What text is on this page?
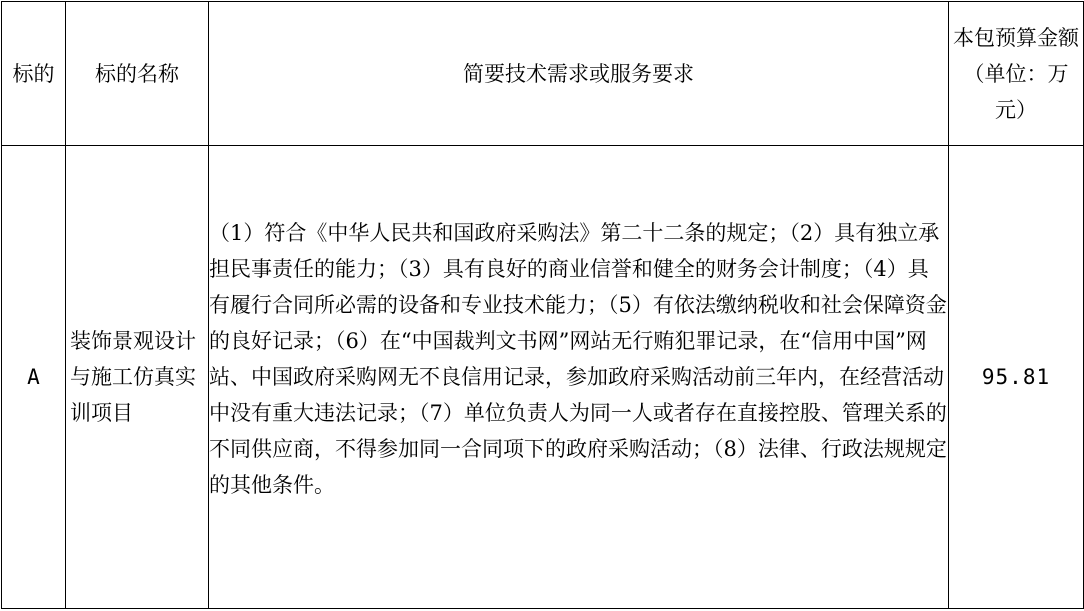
标的	标的名称	简要技术需求或服务要求	本包预算金额（单位：万元）
A	装饰景观设计与施工仿真实训项目	（1）符合《中华人民共和国政府采购法》第二十二条的规定；（2）具有独立承担民事责任的能力；（3）具有良好的商业信誉和健全的财务会计制度；（4）具有履行合同所必需的设备和专业技术能力；（5）有依法缴纳税收和社会保障资金的良好记录；（6）在“中国裁判文书网”网站无行贿犯罪记录，在“信用中国”网站、中国政府采购网无不良信用记录，参加政府采购活动前三年内，在经营活动中没有重大违法记录；（7）单位负责人为同一人或者存在直接控股、管理关系的不同供应商，不得参加同一合同项下的政府采购活动；（8）法律、行政法规规定的其他条件。	95.81
